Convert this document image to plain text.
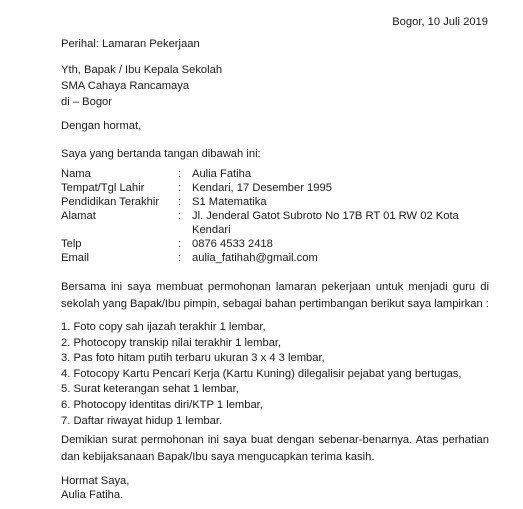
Bogor, 10 Juli 2019
Perihal: Lamaran Pekerjaan
Yth, Bapak / Ibu Kepala Sekolah
SMA Cahaya Rancamaya
di – Bogor
Dengan hormat,
Saya yang bertanda tangan dibawah ini:
Nama	: Aulia Fatiha
Tempat/Tgl Lahir	: Kendari, 17 Desember 1995
Pendidikan Terakhir : S1 Matematika
Alamat	: Jl. Jenderal Gatot Subroto No 17B RT 01 RW 02 Kota Kendari
Telp	: 0876 4533 2418
Email	: aulia_fatihah@gmail.com
Bersama ini saya membuat permohonan lamaran pekerjaan untuk menjadi guru di sekolah yang Bapak/Ibu pimpin, sebagai bahan pertimbangan berikut saya lampirkan :
1. Foto copy sah ijazah terakhir 1 lembar,
2. Photocopy transkip nilai terakhir 1 lembar,
3. Pas foto hitam putih terbaru ukuran 3 x 4 3 lembar,
4. Fotocopy Kartu Pencari Kerja (Kartu Kuning) dilegalisir pejabat yang bertugas,
5. Surat keterangan sehat 1 lembar,
6. Photocopy identitas diri/KTP 1 lembar,
7. Daftar riwayat hidup 1 lembar.
Demikian surat permohonan ini saya buat dengan sebenar-benarnya. Atas perhatian dan kebijaksanaan Bapak/Ibu saya mengucapkan terima kasih.
Hormat Saya,
Aulia Fatiha.
